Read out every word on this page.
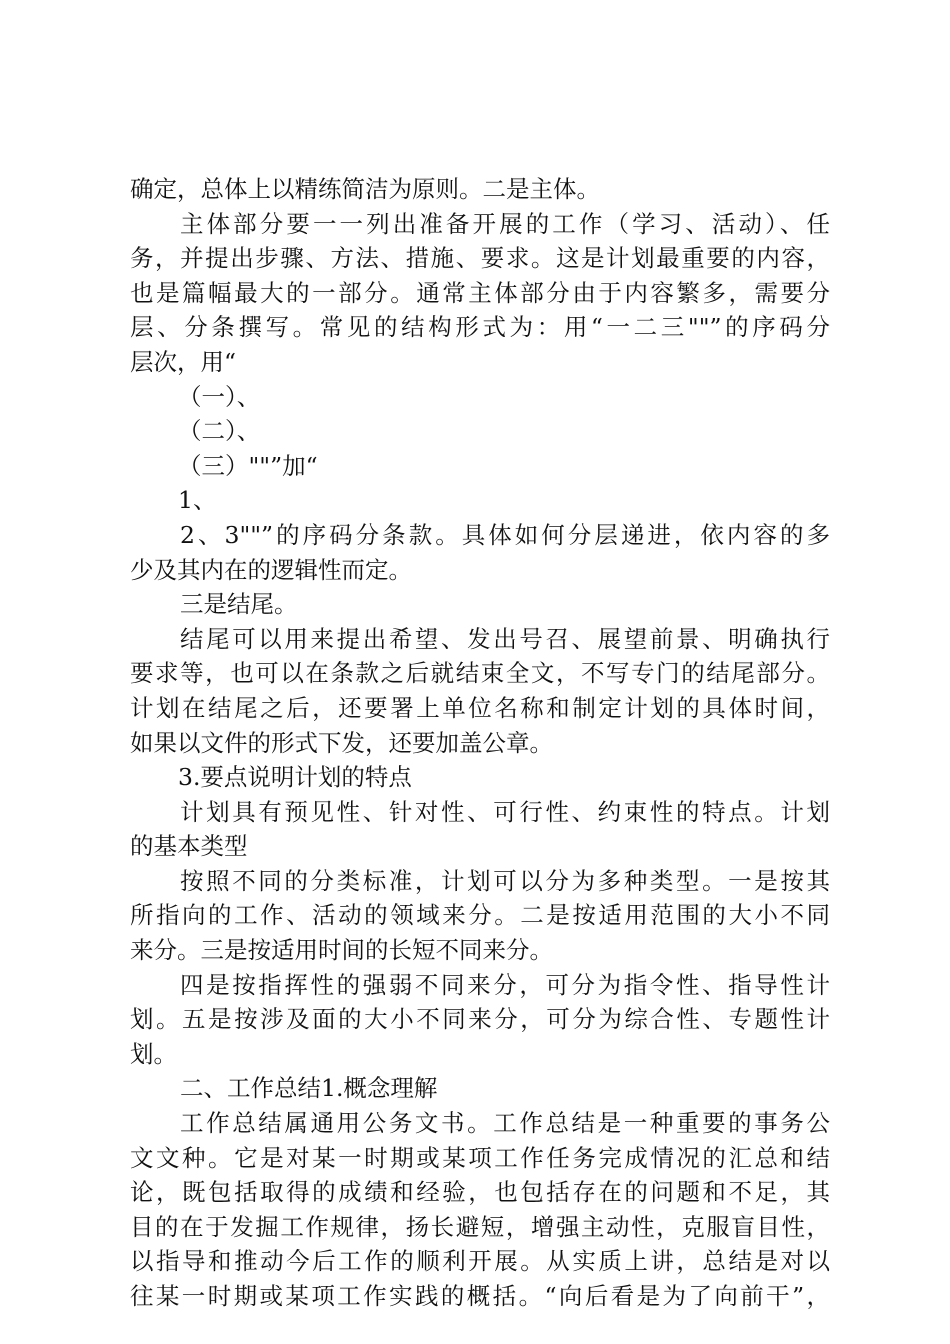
确定，总体上以精练简洁为原则。二是主体。
主体部分要一一列出准备开展的工作（学习、活动）、任
务，并提出步骤、方法、措施、要求。这是计划最重要的内容，
也是篇幅最大的一部分。通常主体部分由于内容繁多，需要分
层、分条撰写。常见的结构形式为：用“一二三""”的序码分
层次，用“
（一）、
（二）、
（三）""”加“
1、
2、3""”的序码分条款。具体如何分层递进，依内容的多
少及其内在的逻辑性而定。
三是结尾。
结尾可以用来提出希望、发出号召、展望前景、明确执行
要求等，也可以在条款之后就结束全文，不写专门的结尾部分。
计划在结尾之后，还要署上单位名称和制定计划的具体时间，
如果以文件的形式下发，还要加盖公章。
3.要点说明计划的特点
计划具有预见性、针对性、可行性、约束性的特点。计划
的基本类型
按照不同的分类标准，计划可以分为多种类型。一是按其
所指向的工作、活动的领域来分。二是按适用范围的大小不同
来分。三是按适用时间的长短不同来分。
四是按指挥性的强弱不同来分，可分为指令性、指导性计
划。五是按涉及面的大小不同来分，可分为综合性、专题性计
划。
二、工作总结1.概念理解
工作总结属通用公务文书。工作总结是一种重要的事务公
文文种。它是对某一时期或某项工作任务完成情况的汇总和结
论，既包括取得的成绩和经验，也包括存在的问题和不足，其
目的在于发掘工作规律，扬长避短，增强主动性，克服盲目性，
以指导和推动今后工作的顺利开展。从实质上讲，总结是对以
往某一时期或某项工作实践的概括。“向后看是为了向前干”，
